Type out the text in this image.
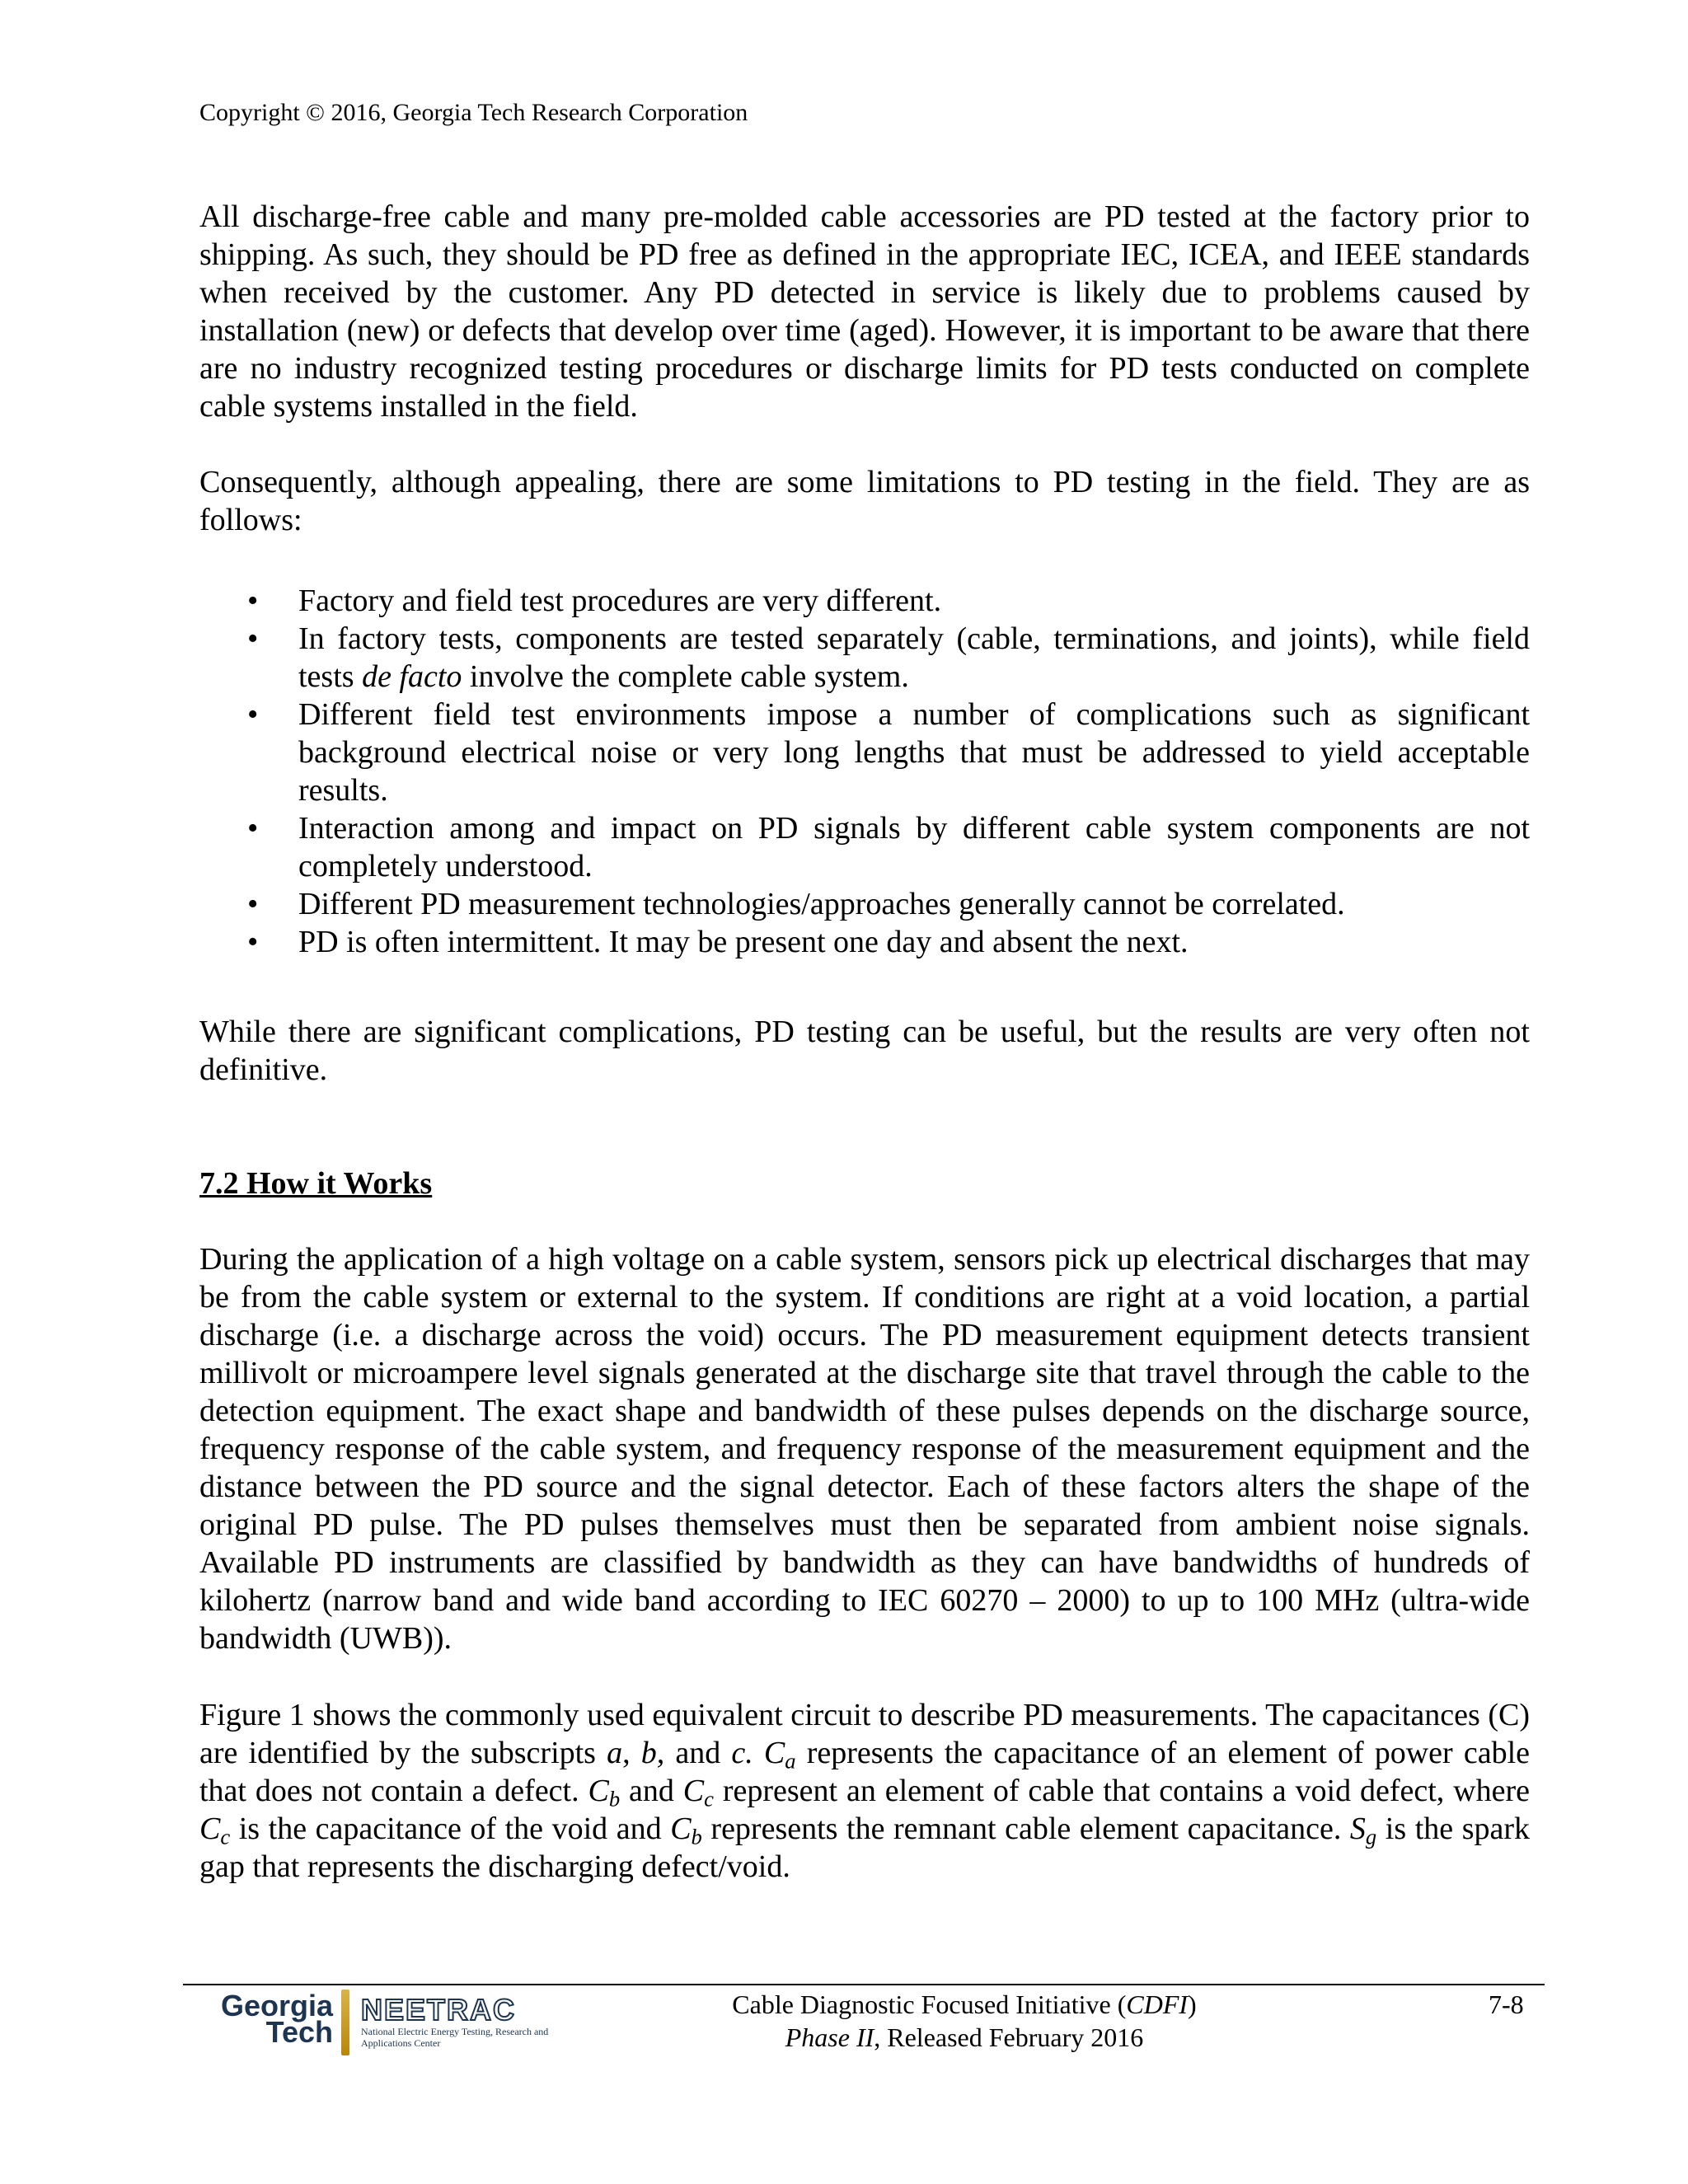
Copyright © 2016, Georgia Tech Research Corporation

All discharge-free cable and many pre-molded cable accessories are PD tested at the factory prior to shipping. As such, they should be PD free as defined in the appropriate IEC, ICEA, and IEEE standards when received by the customer. Any PD detected in service is likely due to problems caused by installation (new) or defects that develop over time (aged). However, it is important to be aware that there are no industry recognized testing procedures or discharge limits for PD tests conducted on complete cable systems installed in the field.

Consequently, although appealing, there are some limitations to PD testing in the field. They are as follows:

• Factory and field test procedures are very different.
• In factory tests, components are tested separately (cable, terminations, and joints), while field tests de facto involve the complete cable system.
• Different field test environments impose a number of complications such as significant background electrical noise or very long lengths that must be addressed to yield acceptable results.
• Interaction among and impact on PD signals by different cable system components are not completely understood.
• Different PD measurement technologies/approaches generally cannot be correlated.
• PD is often intermittent. It may be present one day and absent the next.

While there are significant complications, PD testing can be useful, but the results are very often not definitive.

7.2 How it Works

During the application of a high voltage on a cable system, sensors pick up electrical discharges that may be from the cable system or external to the system. If conditions are right at a void location, a partial discharge (i.e. a discharge across the void) occurs. The PD measurement equipment detects transient millivolt or microampere level signals generated at the discharge site that travel through the cable to the detection equipment. The exact shape and bandwidth of these pulses depends on the discharge source, frequency response of the cable system, and frequency response of the measurement equipment and the distance between the PD source and the signal detector. Each of these factors alters the shape of the original PD pulse. The PD pulses themselves must then be separated from ambient noise signals. Available PD instruments are classified by bandwidth as they can have bandwidths of hundreds of kilohertz (narrow band and wide band according to IEC 60270 – 2000) to up to 100 MHz (ultra-wide bandwidth (UWB)).

Figure 1 shows the commonly used equivalent circuit to describe PD measurements. The capacitances (C) are identified by the subscripts a, b, and c. $C_a$ represents the capacitance of an element of power cable that does not contain a defect. $C_b$ and $C_c$ represent an element of cable that contains a void defect, where $C_c$ is the capacitance of the void and $C_b$ represents the remnant cable element capacitance. $S_g$ is the spark gap that represents the discharging defect/void.

Georgia
Tech
NEETRAC
National Electric Energy Testing, Research and Applications Center
Cable Diagnostic Focused Initiative (CDFI)
Phase II, Released February 2016
7-8
